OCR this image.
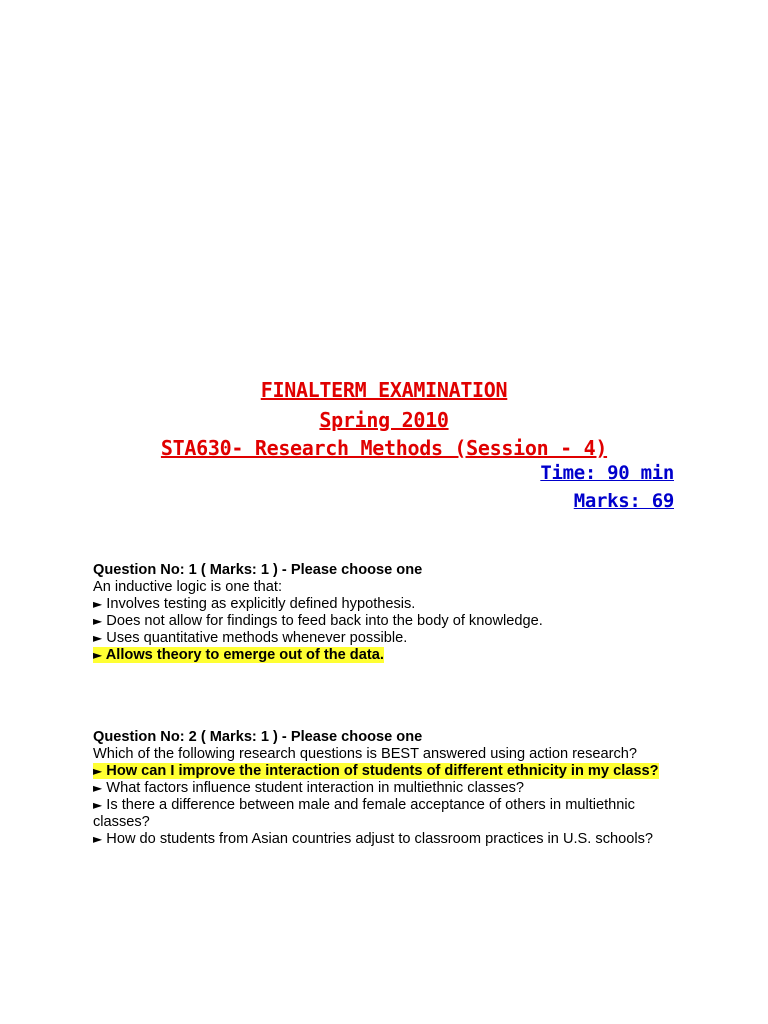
FINALTERM EXAMINATION
Spring 2010
STA630- Research Methods (Session - 4)
Time: 90 min
Marks: 69

Question No: 1 ( Marks: 1 ) - Please choose one

An inductive logic is one that:

► Involves testing as explicitly defined hypothesis.
► Does not allow for findings to feed back into the body of knowledge.
► Uses quantitative methods whenever possible.
► Allows theory to emerge out of the data.

Question No: 2 ( Marks: 1 ) - Please choose one

Which of the following research questions is BEST answered using action research?

► How can I improve the interaction of students of different ethnicity in my class?
► What factors influence student interaction in multiethnic classes?
► Is there a difference between male and female acceptance of others in multiethnic classes?
► How do students from Asian countries adjust to classroom practices in U.S. schools?
